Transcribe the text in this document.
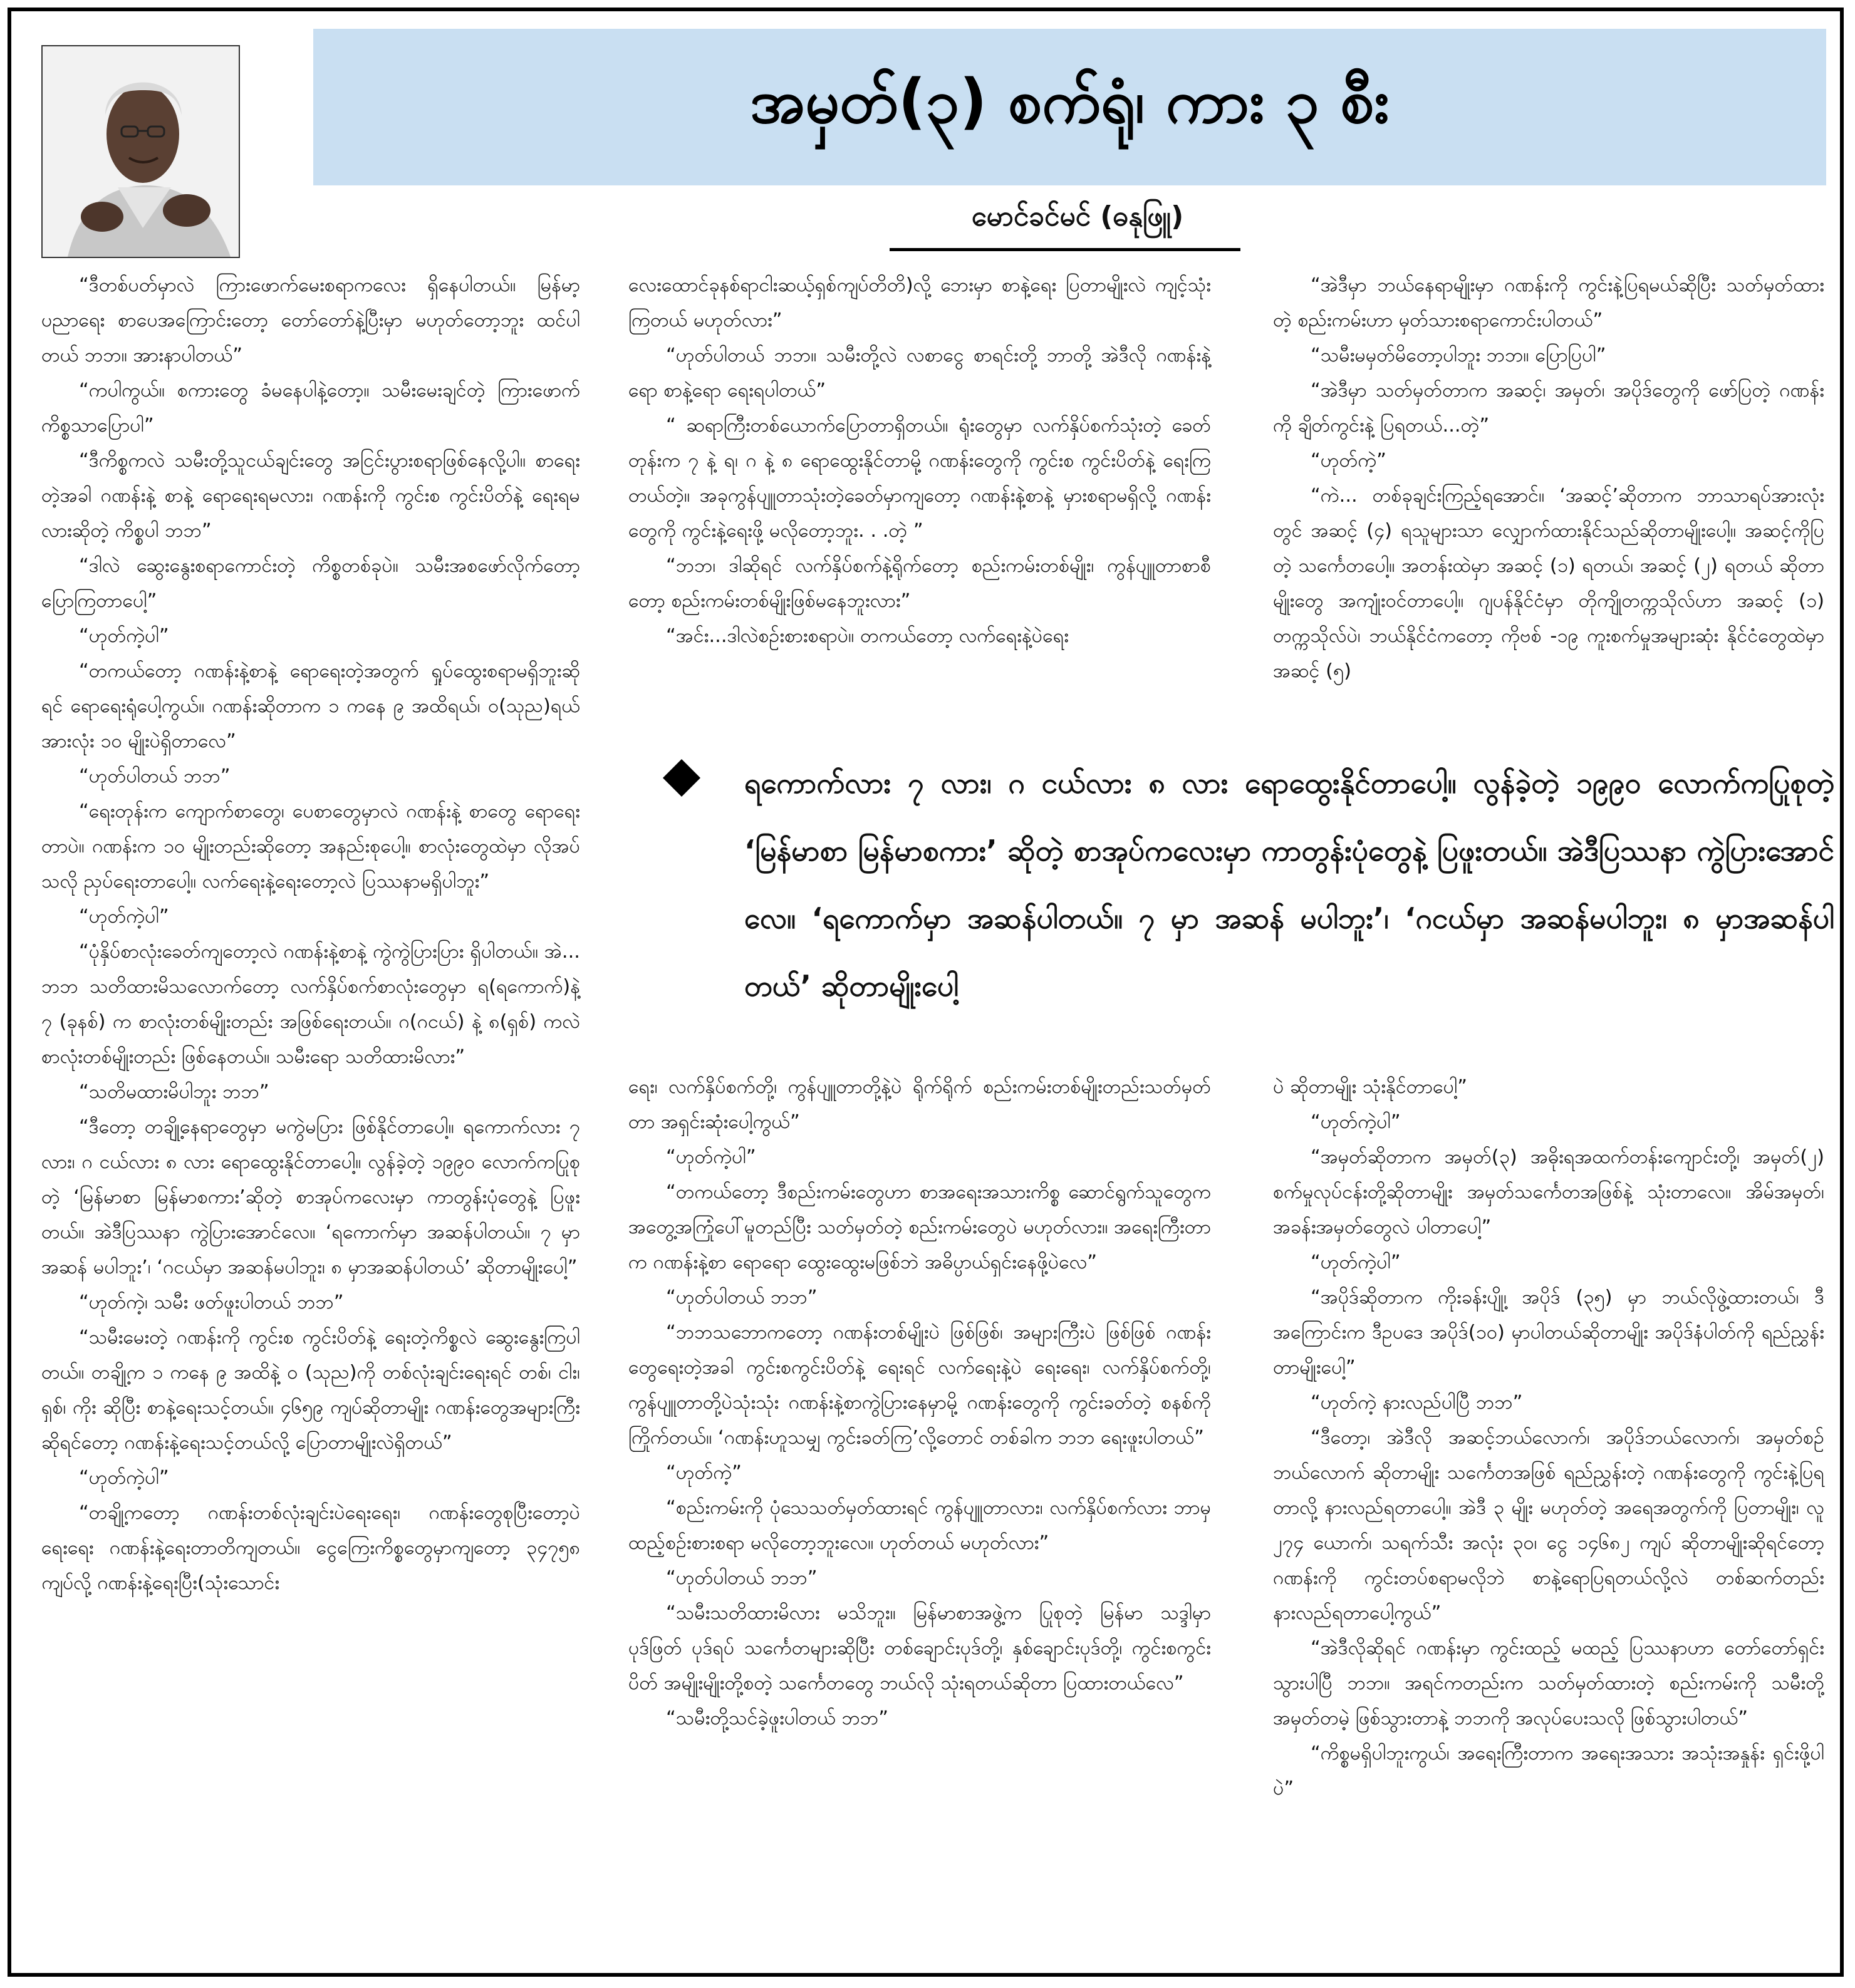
အမှတ်(၃) စက်ရုံ၊ ကား ၃ စီး
မောင်ခင်မင် (ဓနုဖြူ)

“ဒီတစ်ပတ်မှာလဲ ကြားဖောက်မေးစရာကလေး ရှိနေပါတယ်။ မြန်မာ့ပညာရေး စာပေအကြောင်းတော့ တော်တော်နဲ့ပြီးမှာ မဟုတ်တော့ဘူး ထင်ပါတယ် ဘဘ။ အားနာပါတယ်”

“ကပါကွယ်။ စကားတွေ ခံမနေပါနဲ့တော့။ သမီးမေးချင်တဲ့ ကြားဖောက်ကိစ္စသာပြောပါ”

“ဒီကိစ္စကလဲ သမီးတို့သူငယ်ချင်းတွေ အငြင်းပွားစရာဖြစ်နေလို့ပါ။ စာရေးတဲ့အခါ ဂဏန်းနဲ့ စာနဲ့ ရောရေးရမလား၊ ဂဏန်းကို ကွင်းစ ကွင်းပိတ်နဲ့ ရေးရမလားဆိုတဲ့ ကိစ္စပါ ဘဘ”

“ဒါလဲ ဆွေးနွေးစရာကောင်းတဲ့ ကိစ္စတစ်ခုပဲ။ သမီးအစဖော်လိုက်တော့ ပြောကြတာပေါ့”

“ဟုတ်ကဲ့ပါ”

“တကယ်တော့ ဂဏန်းနဲ့စာနဲ့ ရောရေးတဲ့အတွက် ရှုပ်ထွေးစရာမရှိဘူးဆိုရင် ရောရေးရုံပေါ့ကွယ်။ ဂဏန်းဆိုတာက ၁ ကနေ ၉ အထိရယ်၊ ၀(သုည)ရယ် အားလုံး ၁၀ မျိုးပဲရှိတာလေ”

“ဟုတ်ပါတယ် ဘဘ”

“ရေးတုန်းက ကျောက်စာတွေ၊ ပေစာတွေမှာလဲ ဂဏန်းနဲ့ စာတွေ ရောရေးတာပဲ။ ဂဏန်းက ၁၀ မျိုးတည်းဆိုတော့ အနည်းစုပေါ့။ စာလုံးတွေထဲမှာ လိုအပ်သလို ညှပ်ရေးတာပေါ့။ လက်ရေးနဲ့ရေးတော့လဲ ပြဿနာမရှိပါဘူး”

“ဟုတ်ကဲ့ပါ”

“ပုံနှိပ်စာလုံးခေတ်ကျတော့လဲ ဂဏန်းနဲ့စာနဲ့ ကွဲကွဲပြားပြား ရှိပါတယ်။ အဲ... ဘဘ သတိထားမိသလောက်တော့ လက်နှိပ်စက်စာလုံးတွေမှာ ရ(ရကောက်)နဲ့ ၇ (ခုနစ်) က စာလုံးတစ်မျိုးတည်း အဖြစ်ရေးတယ်။ ဂ(ဂငယ်) နဲ့ ၈(ရှစ်) ကလဲ စာလုံးတစ်မျိုးတည်း ဖြစ်နေတယ်။ သမီးရော သတိထားမိလား”

“သတိမထားမိပါဘူး ဘဘ”

“ဒီတော့ တချို့နေရာတွေမှာ မကွဲမပြား ဖြစ်နိုင်တာပေါ့။ ရကောက်လား ၇ လား၊ ဂ ငယ်လား ၈ လား ရောထွေးနိုင်တာပေါ့။ လွန်ခဲ့တဲ့ ၁၉၉၀ လောက်ကပြုစုတဲ့ ‘မြန်မာစာ မြန်မာစကား’ဆိုတဲ့ စာအုပ်ကလေးမှာ ကာတွန်းပုံတွေနဲ့ ပြဖူးတယ်။ အဲဒီပြဿနာ ကွဲပြားအောင်လေ။ ‘ရကောက်မှာ အဆန်ပါတယ်။ ၇ မှာ အဆန် မပါဘူး’၊ ‘ဂငယ်မှာ အဆန်မပါဘူး၊ ၈ မှာအဆန်ပါတယ်’ ဆိုတာမျိုးပေါ့”

“ဟုတ်ကဲ့၊ သမီး ဖတ်ဖူးပါတယ် ဘဘ”

“သမီးမေးတဲ့ ဂဏန်းကို ကွင်းစ ကွင်းပိတ်နဲ့ ရေးတဲ့ကိစ္စလဲ ဆွေးနွေးကြပါတယ်။ တချို့က ၁ ကနေ ၉ အထိနဲ့ ၀ (သုည)ကို တစ်လုံးချင်းရေးရင် တစ်၊ ငါး၊ ရှစ်၊ ကိုး ဆိုပြီး စာနဲ့ရေးသင့်တယ်။ ၄၆၅၉ ကျပ်ဆိုတာမျိုး ဂဏန်းတွေအများကြီးဆိုရင်တော့ ဂဏန်းနဲ့ရေးသင့်တယ်လို့ ပြောတာမျိုးလဲရှိတယ်”

“ဟုတ်ကဲ့ပါ”

“တချို့ကတော့ ဂဏန်းတစ်လုံးချင်းပဲရေးရေး၊ ဂဏန်းတွေစုပြီးတော့ပဲရေးရေး ဂဏန်းနဲ့ရေးတာတိကျတယ်။ ငွေကြေးကိစ္စတွေမှာကျတော့ ၃၄၇၅၈ ကျပ်လို့ ဂဏန်းနဲ့ရေးပြီး(သုံးသောင်း

လေးထောင်ခုနစ်ရာငါးဆယ့်ရှစ်ကျပ်တိတိ)လို့ ဘေးမှာ စာနဲ့ရေး ပြတာမျိုးလဲ ကျင့်သုံးကြတယ် မဟုတ်လား”

“ဟုတ်ပါတယ် ဘဘ။ သမီးတို့လဲ လစာငွေ စာရင်းတို့ ဘာတို့ အဲဒီလို ဂဏန်းနဲ့ရော စာနဲ့ရော ရေးရပါတယ်”

“ ဆရာကြီးတစ်ယောက်ပြောတာရှိတယ်။ ရုံးတွေမှာ လက်နှိပ်စက်သုံးတဲ့ ခေတ်တုန်းက ၇ နဲ့ ရ၊ ဂ နဲ့ ၈ ရောထွေးနိုင်တာမို့ ဂဏန်းတွေကို ကွင်းစ ကွင်းပိတ်နဲ့ ရေးကြတယ်တဲ့။ အခုကွန်ပျူတာသုံးတဲ့ခေတ်မှာကျတော့ ဂဏန်းနဲ့စာနဲ့ မှားစရာမရှိလို့ ဂဏန်းတွေကို ကွင်းနဲ့ရေးဖို့ မလိုတော့ဘူး. . .တဲ့ ”

“ဘဘ၊ ဒါဆိုရင် လက်နှိပ်စက်နဲ့ရိုက်တော့ စည်းကမ်းတစ်မျိုး၊ ကွန်ပျူတာစာစီတော့ စည်းကမ်းတစ်မျိုးဖြစ်မနေဘူးလား”

“အင်း...ဒါလဲစဉ်းစားစရာပဲ။ တကယ်တော့ လက်ရေးနဲ့ပဲရေး

“အဲဒီမှာ ဘယ်နေရာမျိုးမှာ ဂဏန်းကို ကွင်းနဲ့ပြရမယ်ဆိုပြီး သတ်မှတ်ထားတဲ့ စည်းကမ်းဟာ မှတ်သားစရာကောင်းပါတယ်”

“သမီးမမှတ်မိတော့ပါဘူး ဘဘ။ ပြောပြပါ”

“အဲဒီမှာ သတ်မှတ်တာက အဆင့်၊ အမှတ်၊ အပိုဒ်တွေကို ဖော်ပြတဲ့ ဂဏန်းကို ချိတ်ကွင်းနဲ့ ပြရတယ်...တဲ့”

“ဟုတ်ကဲ့”

“ကဲ... တစ်ခုချင်းကြည့်ရအောင်။ ‘အဆင့်’ဆိုတာက ဘာသာရပ်အားလုံးတွင် အဆင့် (၄) ရသူများသာ လျှောက်ထားနိုင်သည်ဆိုတာမျိုးပေါ့။ အဆင့်ကိုပြတဲ့ သင်္ကေတပေါ့။ အတန်းထဲမှာ အဆင့် (၁) ရတယ်၊ အဆင့် (၂) ရတယ် ဆိုတာမျိုးတွေ အကျုံးဝင်တာပေါ့။ ဂျပန်နိုင်ငံမှာ တိုကျိုတက္ကသိုလ်ဟာ အဆင့် (၁) တက္ကသိုလ်ပဲ၊ ဘယ်နိုင်ငံကတော့ ကိုဗစ် -၁၉ ကူးစက်မှုအများဆုံး နိုင်ငံတွေထဲမှာ အဆင့် (၅)

ရကောက်လား ၇ လား၊ ဂ ငယ်လား ၈ လား ရောထွေးနိုင်တာပေါ့။ လွန်ခဲ့တဲ့ ၁၉၉၀ လောက်ကပြုစုတဲ့ ‘မြန်မာစာ မြန်မာစကား’ ဆိုတဲ့ စာအုပ်ကလေးမှာ ကာတွန်းပုံတွေနဲ့ ပြဖူးတယ်။ အဲဒီပြဿနာ ကွဲပြားအောင်လေ။ ‘ရကောက်မှာ အဆန်ပါတယ်။ ၇ မှာ အဆန် မပါဘူး’၊ ‘ဂငယ်မှာ အဆန်မပါဘူး၊ ၈ မှာအဆန်ပါတယ်’ ဆိုတာမျိုးပေါ့

ရေး၊ လက်နှိပ်စက်တို့၊ ကွန်ပျူတာတို့နဲ့ပဲ ရိုက်ရိုက် စည်းကမ်းတစ်မျိုးတည်းသတ်မှတ်တာ အရှင်းဆုံးပေါ့ကွယ်”

“ဟုတ်ကဲ့ပါ”

“တကယ်တော့ ဒီစည်းကမ်းတွေဟာ စာအရေးအသားကိစ္စ ဆောင်ရွက်သူတွေက အတွေ့အကြုံပေါ်မူတည်ပြီး သတ်မှတ်တဲ့ စည်းကမ်းတွေပဲ မဟုတ်လား။ အရေးကြီးတာက ဂဏန်းနဲ့စာ ရောရော ထွေးထွေးမဖြစ်ဘဲ အဓိပ္ပာယ်ရှင်းနေဖို့ပဲလေ”

“ဟုတ်ပါတယ် ဘဘ”

“ဘဘသဘောကတော့ ဂဏန်းတစ်မျိုးပဲ ဖြစ်ဖြစ်၊ အများကြီးပဲ ဖြစ်ဖြစ် ဂဏန်းတွေရေးတဲ့အခါ ကွင်းစကွင်းပိတ်နဲ့ ရေးရင် လက်ရေးနဲ့ပဲ ရေးရေး၊ လက်နှိပ်စက်တို့၊ ကွန်ပျူတာတို့ပဲသုံးသုံး ဂဏန်းနဲ့စာကွဲပြားနေမှာမို့ ဂဏန်းတွေကို ကွင်းခတ်တဲ့ စနစ်ကိုကြိုက်တယ်။ ‘ဂဏန်းဟူသမျှ ကွင်းခတ်ကြ’လို့တောင် တစ်ခါက ဘဘ ရေးဖူးပါတယ်”

“ဟုတ်ကဲ့”

“စည်းကမ်းကို ပုံသေသတ်မှတ်ထားရင် ကွန်ပျူတာလား၊ လက်နှိပ်စက်လား ဘာမှထည့်စဉ်းစားစရာ မလိုတော့ဘူးလေ။ ဟုတ်တယ် မဟုတ်လား”

“ဟုတ်ပါတယ် ဘဘ”

“သမီးသတိထားမိလား မသိဘူး။ မြန်မာစာအဖွဲ့က ပြုစုတဲ့ မြန်မာ သဒ္ဒါမှာ ပုဒ်ဖြတ် ပုဒ်ရပ် သင်္ကေတများဆိုပြီး တစ်ချောင်းပုဒ်တို့၊ နှစ်ချောင်းပုဒ်တို့၊ ကွင်းစကွင်းပိတ် အမျိုးမျိုးတို့စတဲ့ သင်္ကေတတွေ ဘယ်လို သုံးရတယ်ဆိုတာ ပြထားတယ်လေ”

“သမီးတို့သင်ခဲ့ဖူးပါတယ် ဘဘ”

ပဲ ဆိုတာမျိုး သုံးနိုင်တာပေါ့”

“ဟုတ်ကဲ့ပါ”

“အမှတ်ဆိုတာက အမှတ်(၃) အဓိုးရအထက်တန်းကျောင်းတို့၊ အမှတ်(၂) စက်မှုလုပ်ငန်းတို့ဆိုတာမျိုး အမှတ်သင်္ကေတအဖြစ်နဲ့ သုံးတာလေ။ အိမ်အမှတ်၊ အခန်းအမှတ်တွေလဲ ပါတာပေါ့”

“ဟုတ်ကဲ့ပါ”

“အပိုဒ်ဆိုတာက ကိုးခန်းပျို့၊ အပိုဒ် (၃၅) မှာ ဘယ်လိုဖွဲ့ထားတယ်၊ ဒီအကြောင်းက ဒီဥပဒေ အပိုဒ်(၁၀) မှာပါတယ်ဆိုတာမျိုး အပိုဒ်နံပါတ်ကို ရည်ညွှန်းတာမျိုးပေါ့”

“ဟုတ်ကဲ့ နားလည်ပါပြီ ဘဘ”

“ဒီတော့၊ အဲဒီလို အဆင့်ဘယ်လောက်၊ အပိုဒ်ဘယ်လောက်၊ အမှတ်စဉ်ဘယ်လောက် ဆိုတာမျိုး သင်္ကေတအဖြစ် ရည်ညွှန်းတဲ့ ဂဏန်းတွေကို ကွင်းနဲ့ပြရတာလို့ နားလည်ရတာပေါ့။ အဲဒီ ၃ မျိုး မဟုတ်တဲ့ အရေအတွက်ကို ပြတာမျိုး၊ လူ ၂၇၄ ယောက်၊ သရက်သီး အလုံး ၃၀၊ ငွေ ၁၄၆၈၂ ကျပ် ဆိုတာမျိုးဆိုရင်တော့ ဂဏန်းကို ကွင်းတပ်စရာမလိုဘဲ စာနဲ့ရောပြရတယ်လို့လဲ တစ်ဆက်တည်း နားလည်ရတာပေါ့ကွယ်”

“အဲဒီလိုဆိုရင် ဂဏန်းမှာ ကွင်းထည့် မထည့် ပြဿနာဟာ တော်တော်ရှင်းသွားပါပြီ ဘဘ။ အရင်ကတည်းက သတ်မှတ်ထားတဲ့ စည်းကမ်းကို သမီးတို့အမှတ်တမဲ့ ဖြစ်သွားတာနဲ့ ဘဘကို အလုပ်ပေးသလို ဖြစ်သွားပါတယ်”

“ကိစ္စမရှိပါဘူးကွယ်၊ အရေးကြီးတာက အရေးအသား အသုံးအနှုန်း ရှင်းဖို့ပါပဲ”
